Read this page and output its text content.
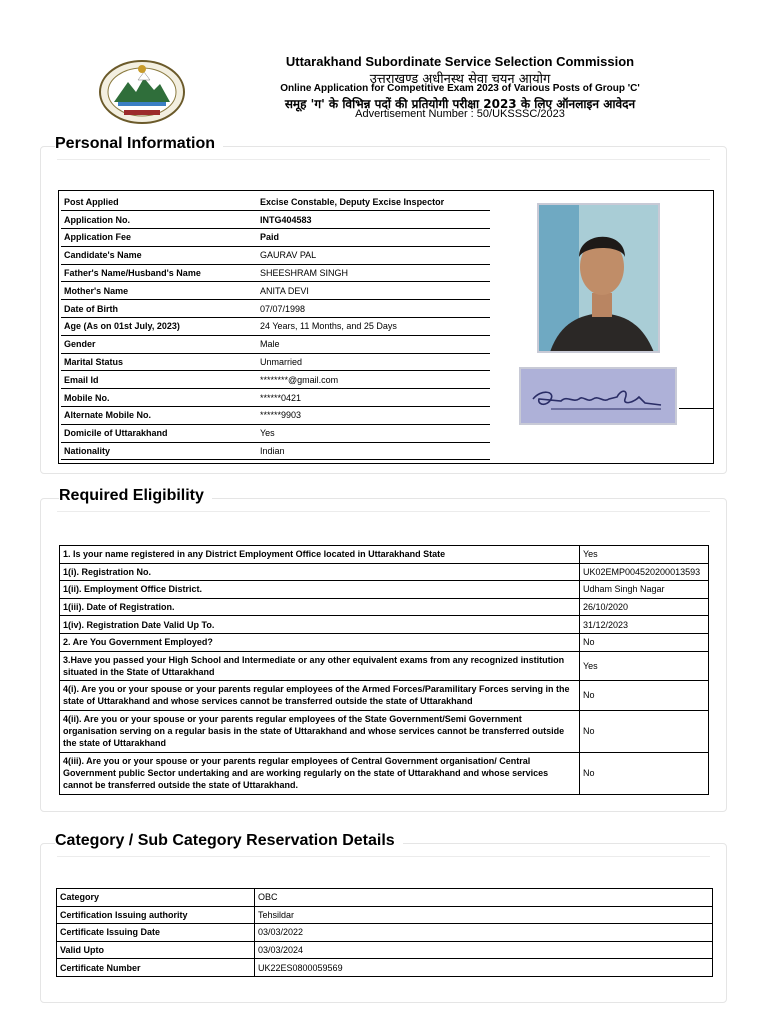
Uttarakhand Subordinate Service Selection Commission
उत्तराखण्ड अधीनस्थ सेवा चयन आयोग
Online Application for Competitive Exam 2023 of Various Posts of Group 'C'
समूह 'ग' के विभिन्न पदों की प्रतियोगी परीक्षा 2023 के लिए ऑनलाइन आवेदन
Advertisement Number : 50/UKSSSC/2023
Personal Information
Post Applied	Excise Constable, Deputy Excise Inspector
Application No.	INTG404583
Application Fee	Paid
Candidate's Name	GAURAV PAL
Father's Name/Husband's Name	SHEESHRAM SINGH
Mother's Name	ANITA DEVI
Date of Birth	07/07/1998
Age (As on 01st July, 2023)	24 Years, 11 Months, and 25 Days
Gender	Male
Marital Status	Unmarried
Email Id	********@gmail.com
Mobile No.	******0421
Alternate Mobile No.	******9903
Domicile of Uttarakhand	Yes
Nationality	Indian
Required Eligibility
1. Is your name registered in any District Employment Office located in Uttarakhand State	Yes
1(i). Registration No.	UK02EMP004520200013593
1(ii). Employment Office District.	Udham Singh Nagar
1(iii). Date of Registration.	26/10/2020
1(iv). Registration Date Valid Up To.	31/12/2023
2. Are You Government Employed?	No
3.Have you passed your High School and Intermediate or any other equivalent exams from any recognized institution situated in the State of Uttarakhand	Yes
4(i). Are you or your spouse or your parents regular employees of the Armed Forces/Paramilitary Forces serving in the state of Uttarakhand and whose services cannot be transferred outside the state of Uttarakhand	No
4(ii). Are you or your spouse or your parents regular employees of the State Government/Semi Government organisation serving on a regular basis in the state of Uttarakhand and whose services cannot be transferred outside the state of Uttarakhand	No
4(iii). Are you or your spouse or your parents regular employees of Central Government organisation/ Central Government public Sector undertaking and are working regularly on the state of Uttarakhand and whose services cannot be transferred outside the state of Uttarakhand.	No
Category / Sub Category Reservation Details
Category	OBC
Certification Issuing authority	Tehsildar
Certificate Issuing Date	03/03/2022
Valid Upto	03/03/2024
Certificate Number	UK22ES0800059569
